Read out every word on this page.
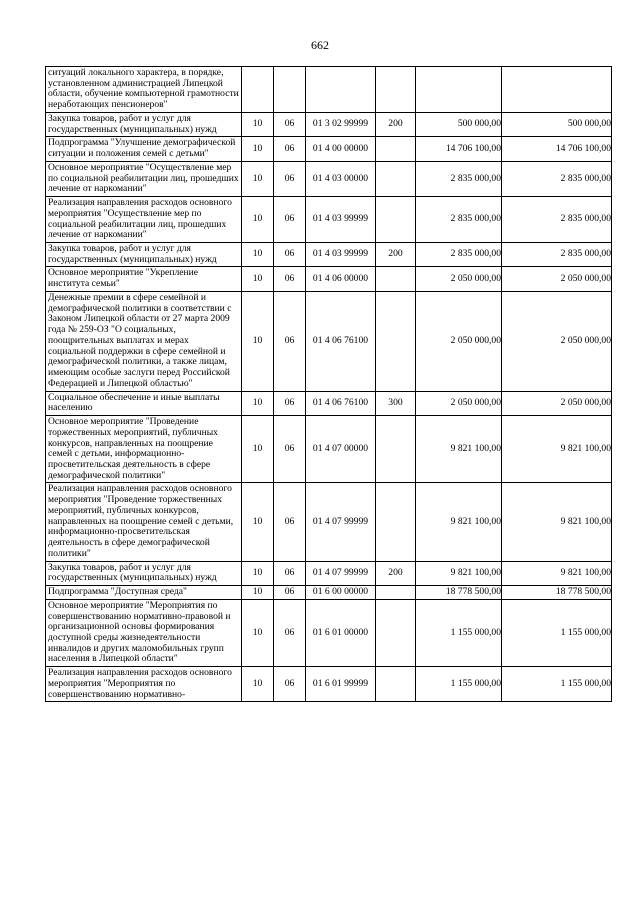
662
ситуаций локального характера, в порядке, установленном администрацией Липецкой области, обучение компьютерной грамотности неработающих пенсионеров"						
Закупка товаров, работ и услуг для государственных (муниципальных) нужд	10	06	01 3 02 99999	200	500 000,00	500 000,00
Подпрограмма "Улучшение демографической ситуации и положения семей с детьми"	10	06	01 4 00 00000		14 706 100,00	14 706 100,00
Основное мероприятие "Осуществление мер по социальной реабилитации лиц, прошедших лечение от наркомании"	10	06	01 4 03 00000		2 835 000,00	2 835 000,00
Реализация направления расходов основного мероприятия "Осуществление мер по социальной реабилитации лиц, прошедших лечение от наркомании"	10	06	01 4 03 99999		2 835 000,00	2 835 000,00
Закупка товаров, работ и услуг для государственных (муниципальных) нужд	10	06	01 4 03 99999	200	2 835 000,00	2 835 000,00
Основное мероприятие "Укрепление института семьи"	10	06	01 4 06 00000		2 050 000,00	2 050 000,00
Денежные премии в сфере семейной и демографической политики в соответствии с Законом Липецкой области от 27 марта 2009 года № 259-ОЗ "О социальных, поощрительных выплатах и мерах социальной поддержки в сфере семейной и демографической политики, а также лицам, имеющим особые заслуги перед Российской Федерацией и Липецкой областью"	10	06	01 4 06 76100		2 050 000,00	2 050 000,00
Социальное обеспечение и иные выплаты населению	10	06	01 4 06 76100	300	2 050 000,00	2 050 000,00
Основное мероприятие "Проведение торжественных мероприятий, публичных конкурсов, направленных на поощрение семей с детьми, информационно-просветительская деятельность в сфере демографической политики"	10	06	01 4 07 00000		9 821 100,00	9 821 100,00
Реализация направления расходов основного мероприятия "Проведение торжественных мероприятий, публичных конкурсов, направленных на поощрение семей с детьми, информационно-просветительская деятельность в сфере демографической политики"	10	06	01 4 07 99999		9 821 100,00	9 821 100,00
Закупка товаров, работ и услуг для государственных (муниципальных) нужд	10	06	01 4 07 99999	200	9 821 100,00	9 821 100,00
Подпрограмма "Доступная среда"	10	06	01 6 00 00000		18 778 500,00	18 778 500,00
Основное мероприятие "Мероприятия по совершенствованию нормативно-правовой и организационной основы формирования доступной среды жизнедеятельности инвалидов и других маломобильных групп населения в Липецкой области"	10	06	01 6 01 00000		1 155 000,00	1 155 000,00
Реализация направления расходов основного мероприятия "Мероприятия по совершенствованию нормативно-	10	06	01 6 01 99999		1 155 000,00	1 155 000,00
